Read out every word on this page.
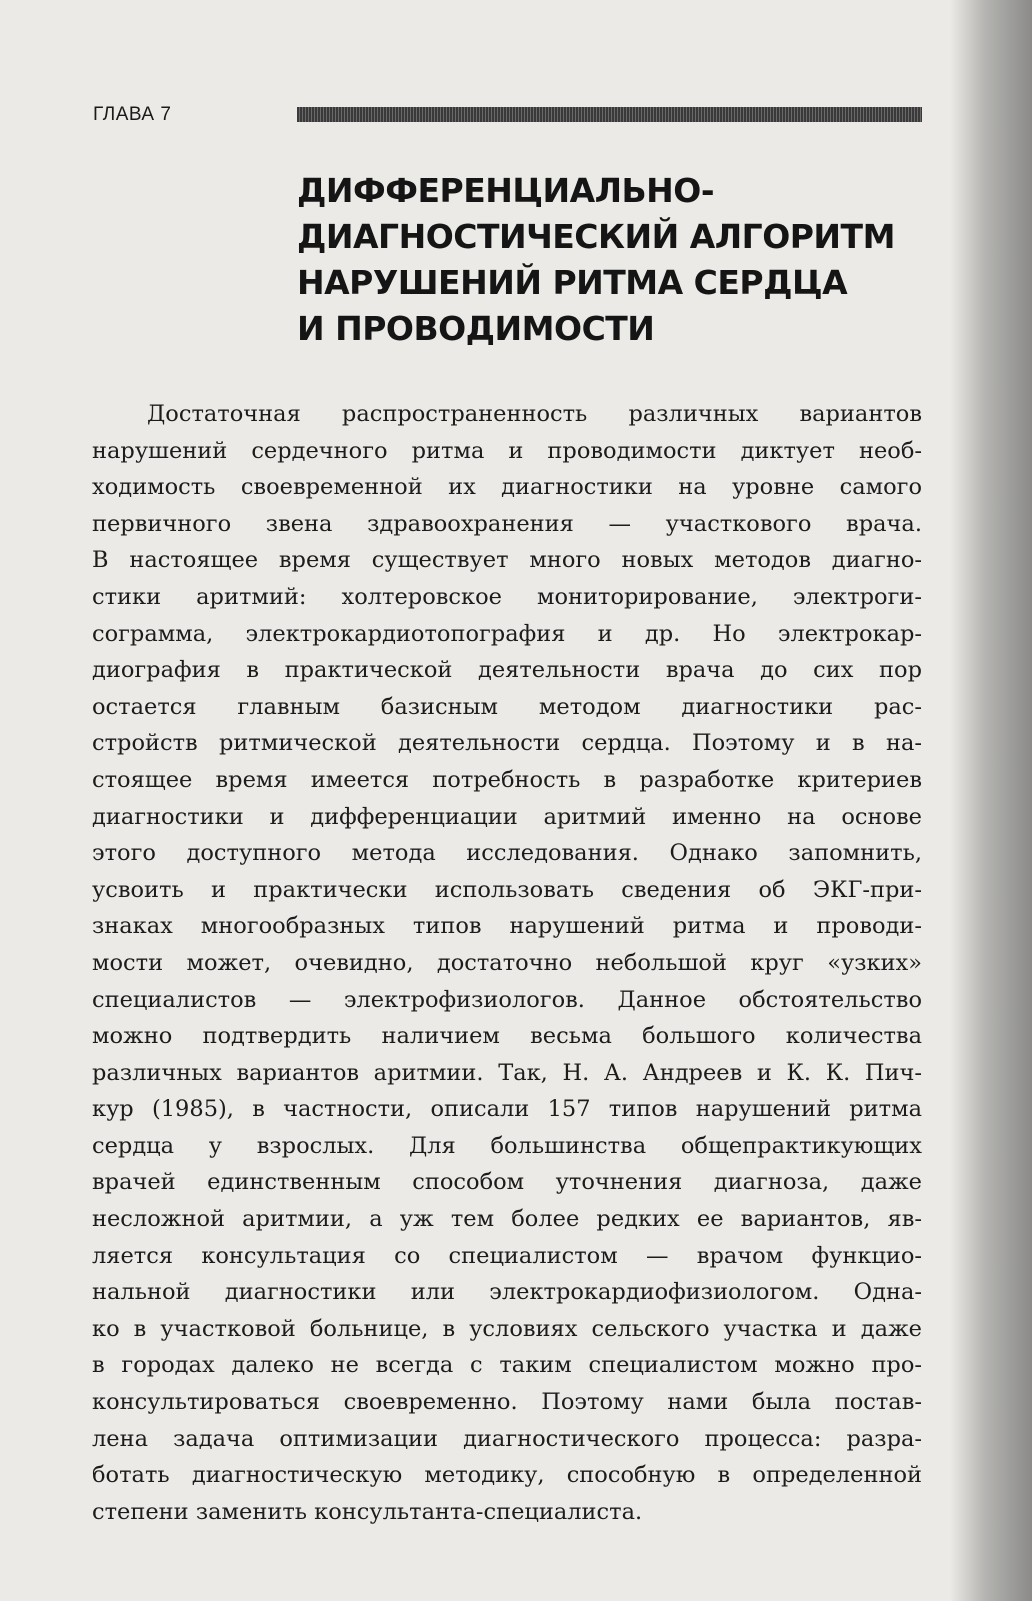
ГЛАВА 7
ДИФФЕРЕНЦИАЛЬНО-
ДИАГНОСТИЧЕСКИЙ АЛГОРИТМ
НАРУШЕНИЙ РИТМА СЕРДЦА
И ПРОВОДИМОСТИ
Достаточная распространенность различных вариантов
нарушений сердечного ритма и проводимости диктует необ-
ходимость своевременной их диагностики на уровне самого
первичного звена здравоохранения — участкового врача.
В настоящее время существует много новых методов диагно-
стики аритмий: холтеровское мониторирование, электроги-
сограмма, электрокардиотопография и др. Но электрокар-
диография в практической деятельности врача до сих пор
остается главным базисным методом диагностики рас-
стройств ритмической деятельности сердца. Поэтому и в на-
стоящее время имеется потребность в разработке критериев
диагностики и дифференциации аритмий именно на основе
этого доступного метода исследования. Однако запомнить,
усвоить и практически использовать сведения об ЭКГ-при-
знаках многообразных типов нарушений ритма и проводи-
мости может, очевидно, достаточно небольшой круг «узких»
специалистов — электрофизиологов. Данное обстоятельство
можно подтвердить наличием весьма большого количества
различных вариантов аритмии. Так, Н. А. Андреев и К. К. Пич-
кур (1985), в частности, описали 157 типов нарушений ритма
сердца у взрослых. Для большинства общепрактикующих
врачей единственным способом уточнения диагноза, даже
несложной аритмии, а уж тем более редких ее вариантов, яв-
ляется консультация со специалистом — врачом функцио-
нальной диагностики или электрокардиофизиологом. Однa-
ко в участковой больнице, в условиях сельского участка и даже
в городах далеко не всегда с таким специалистом можно про-
консультироваться своевременно. Поэтому нами была постав-
лена задача оптимизации диагностического процесса: разра-
ботать диагностическую методику, способную в определенной
степени заменить консультанта-специалиста.
